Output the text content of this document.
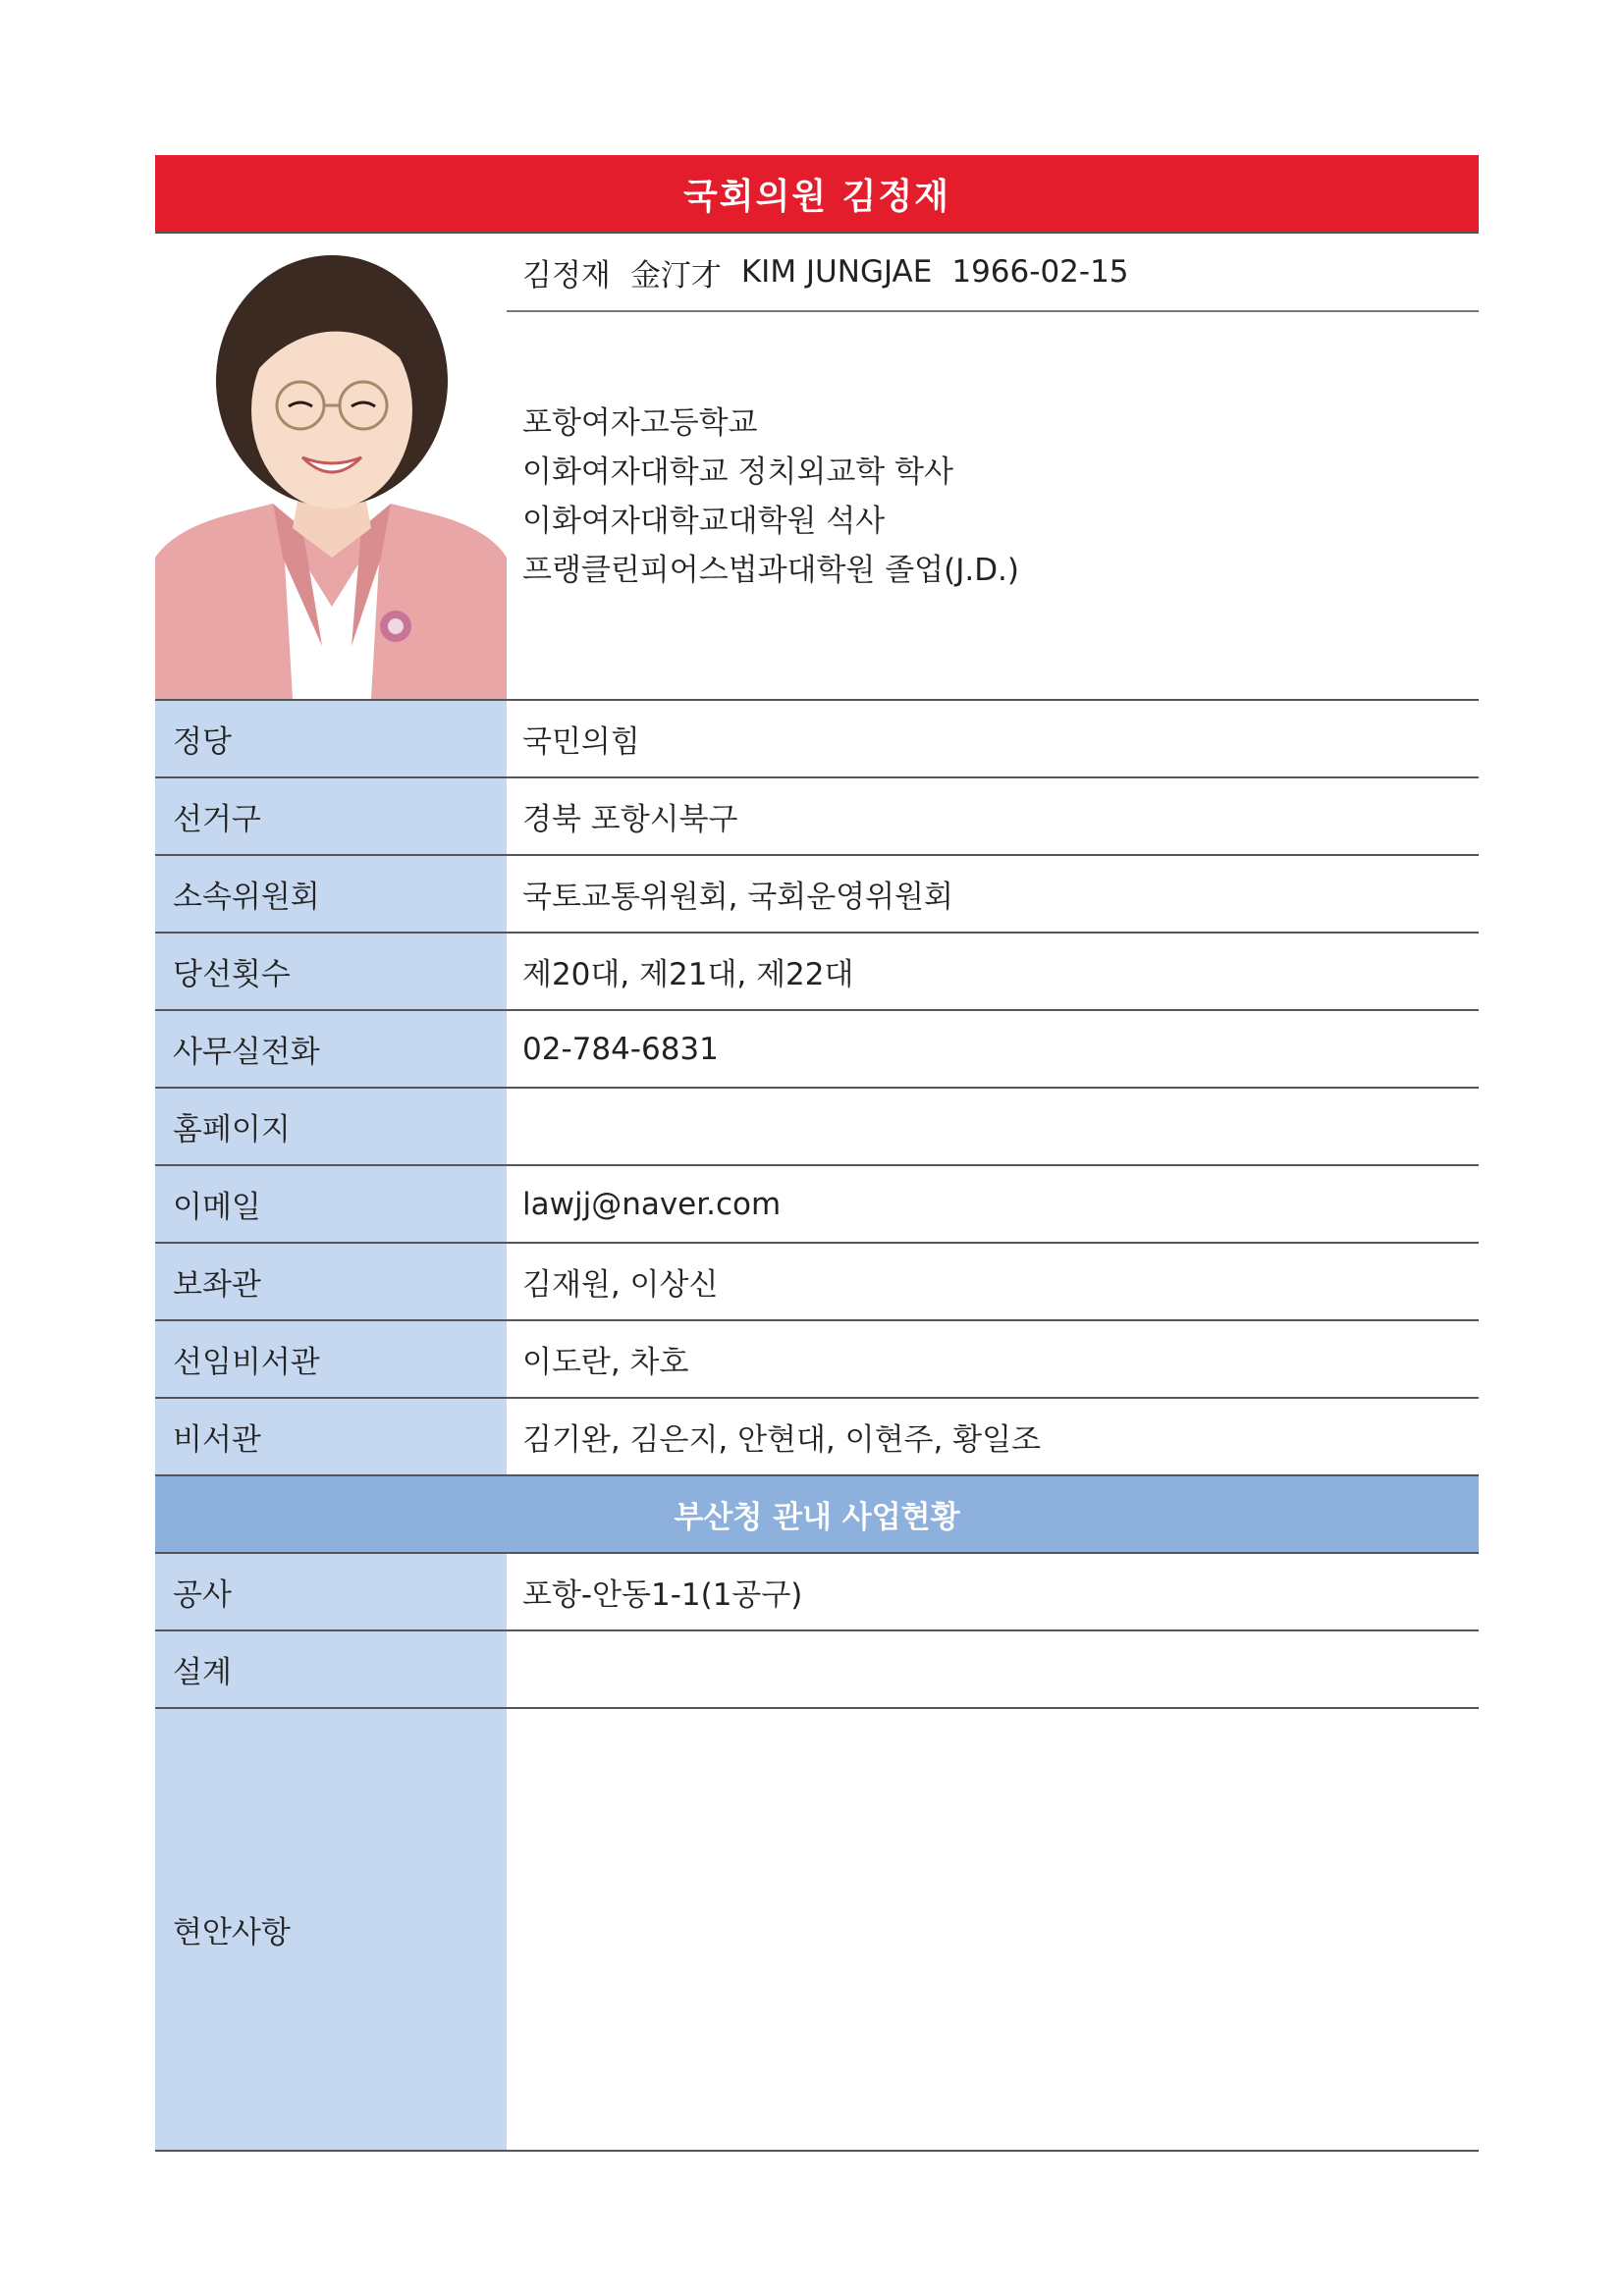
국회의원 김정재
김정재 金汀才 KIM JUNGJAE 1966-02-15
포항여자고등학교
이화여자대학교 정치외교학 학사
이화여자대학교대학원 석사
프랭클린피어스법과대학원 졸업(J.D.)
정당	국민의힘
선거구	경북 포항시북구
소속위원회	국토교통위원회, 국회운영위원회
당선횟수	제20대, 제21대, 제22대
사무실전화	02-784-6831
홈페이지
이메일	lawjj@naver.com
보좌관	김재원, 이상신
선임비서관	이도란, 차호
비서관	김기완, 김은지, 안현대, 이현주, 황일조
부산청 관내 사업현황
공사	포항-안동1-1(1공구)
설계
현안사항
